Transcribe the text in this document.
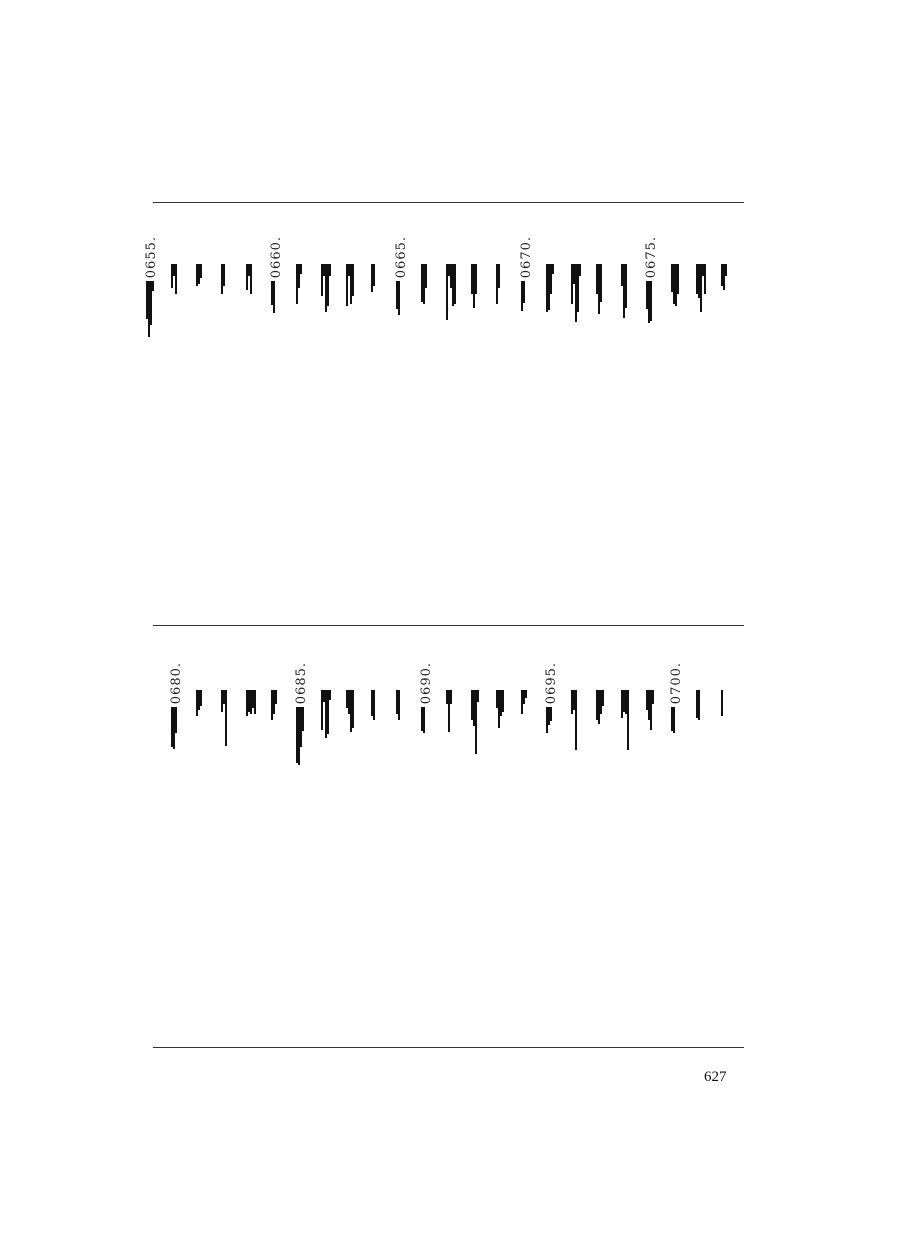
0675.
0670.
0665.
0660.
0655.
0700.
0695.
0690.
0685.
0680.
627
